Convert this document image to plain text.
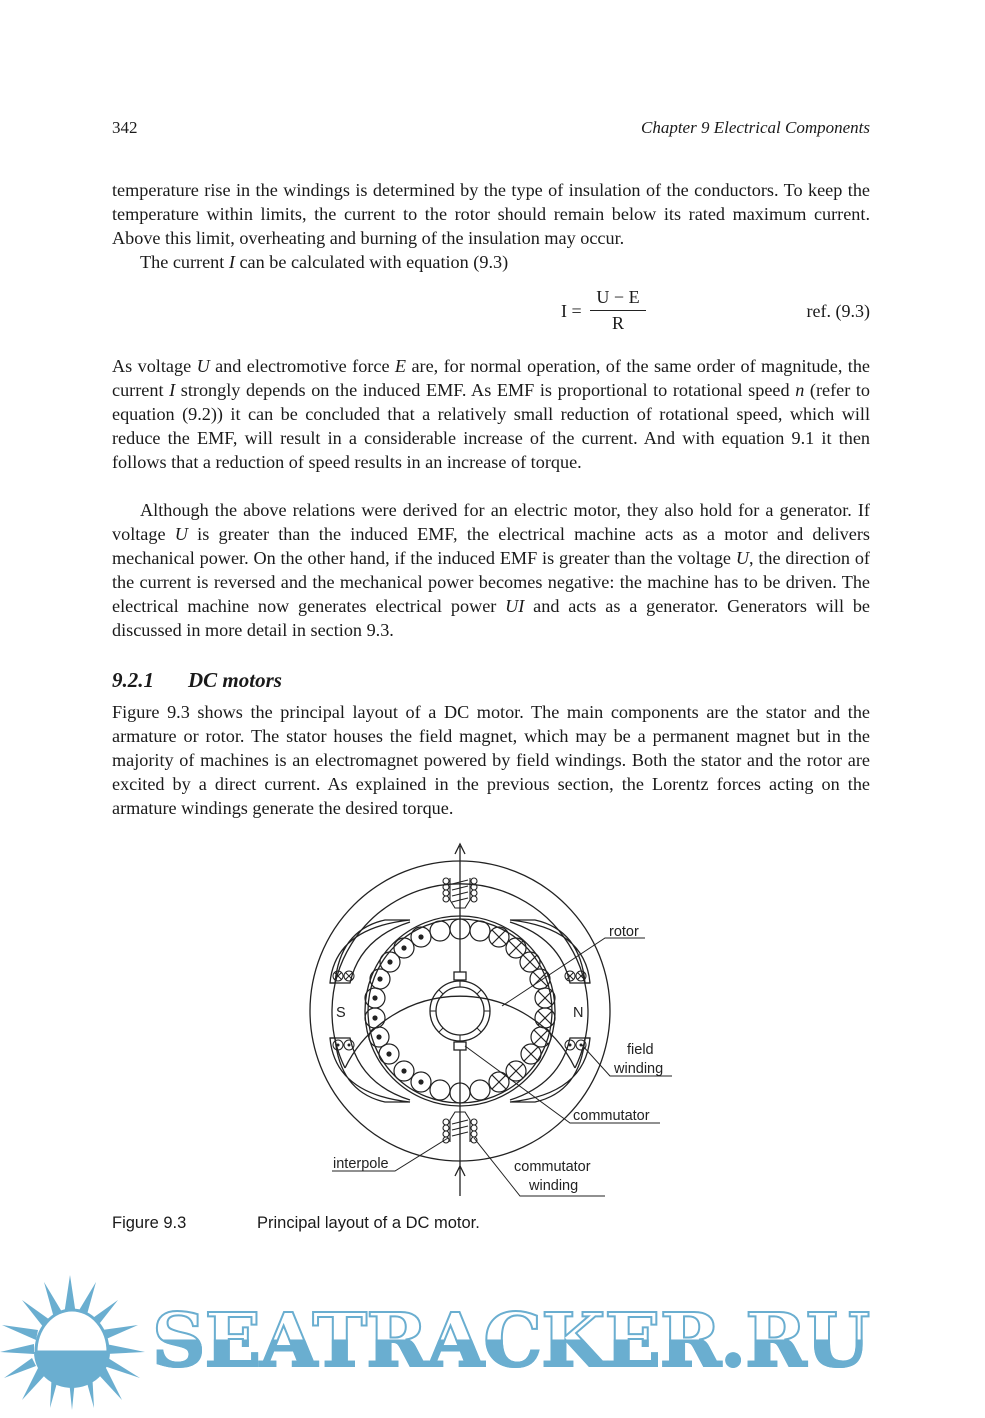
342	Chapter 9 Electrical Components

temperature rise in the windings is determined by the type of insulation of the conductors. To keep the temperature within limits, the current to the rotor should remain below its rated maximum current. Above this limit, overheating and burning of the insulation may occur.

The current I can be calculated with equation (9.3)

$I = \frac{U - E}{R}$	ref. (9.3)

As voltage U and electromotive force E are, for normal operation, of the same order of magnitude, the current I strongly depends on the induced EMF. As EMF is proportional to rotational speed n (refer to equation (9.2)) it can be concluded that a relatively small reduction of rotational speed, which will reduce the EMF, will result in a considerable increase of the current. And with equation 9.1 it then follows that a reduction of speed results in an increase of torque.

Although the above relations were derived for an electric motor, they also hold for a generator. If voltage U is greater than the induced EMF, the electrical machine acts as a motor and delivers mechanical power. On the other hand, if the induced EMF is greater than the voltage U, the direction of the current is reversed and the mechanical power becomes negative: the machine has to be driven. The electrical machine now generates electrical power UI and acts as a generator. Generators will be discussed in more detail in section 9.3.

9.2.1 DC motors

Figure 9.3 shows the principal layout of a DC motor. The main components are the stator and the armature or rotor. The stator houses the field magnet, which may be a permanent magnet but in the majority of machines is an electromagnet powered by field windings. Both the stator and the rotor are excited by a direct current. As explained in the previous section, the Lorentz forces acting on the armature windings generate the desired torque.

rotor
S	N
field
winding
commutator
interpole	commutator
winding
Figure 9.3	Principal layout of a DC motor.
SEATRACKER.RU
